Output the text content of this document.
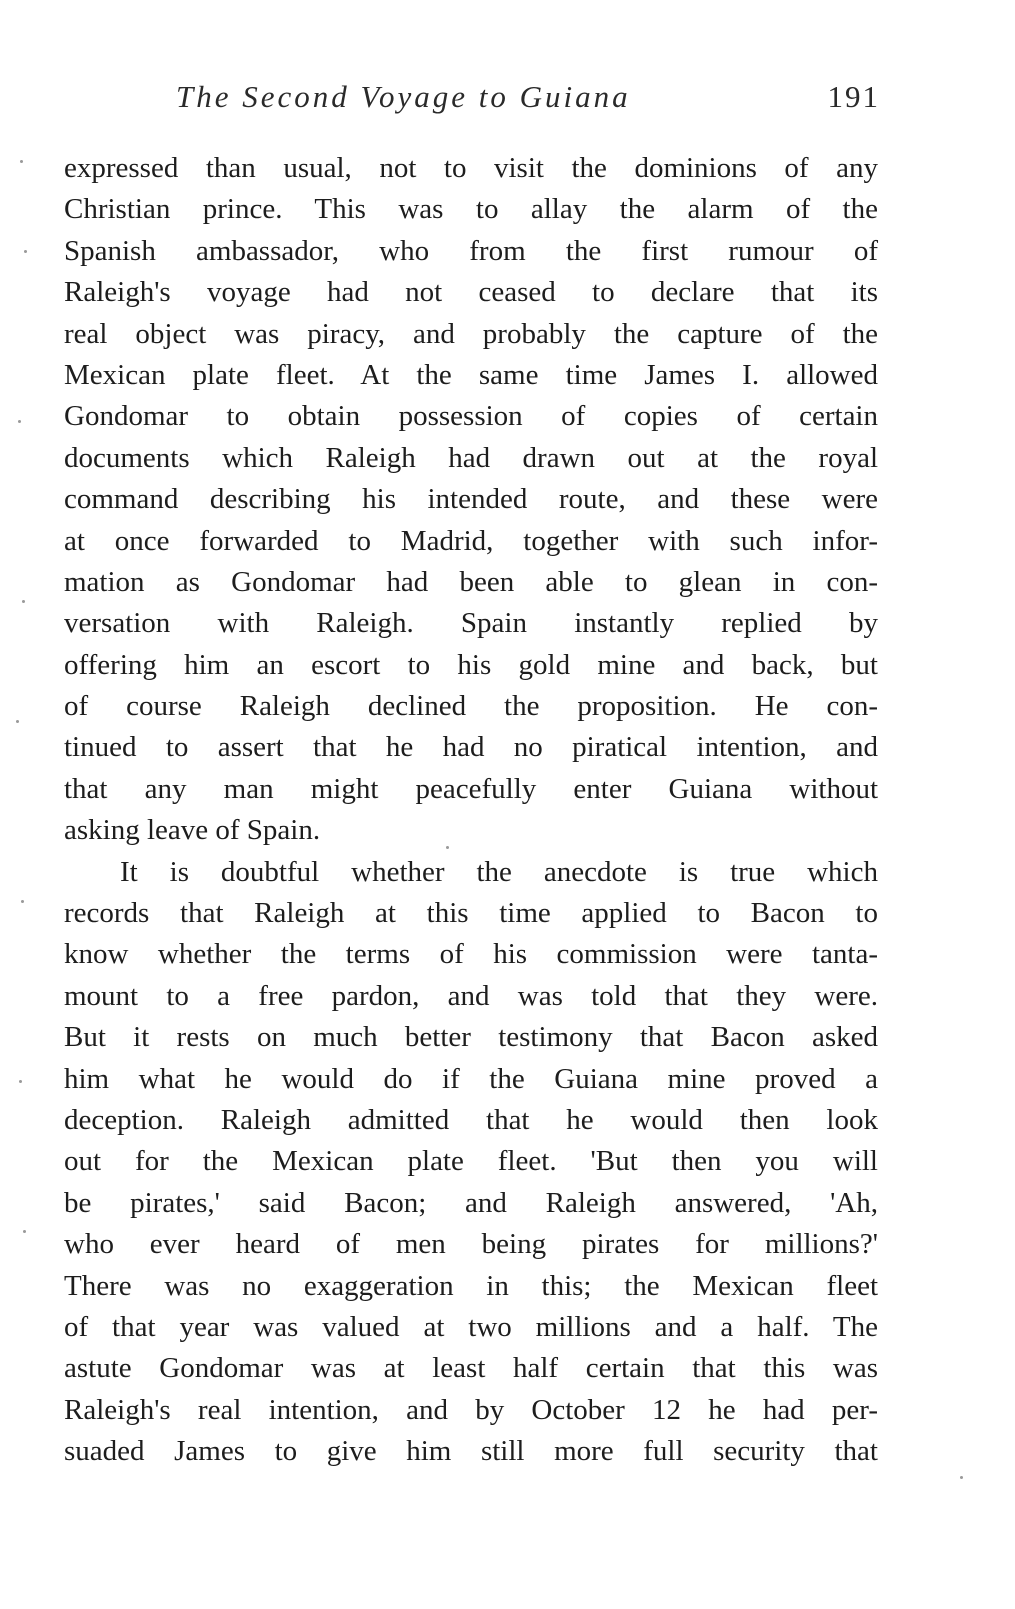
The Second Voyage to Guiana	191
expressed than usual, not to visit the dominions of any
Christian prince. This was to allay the alarm of the
Spanish ambassador, who from the first rumour of
Raleigh's voyage had not ceased to declare that its
real object was piracy, and probably the capture of the
Mexican plate fleet. At the same time James I. allowed
Gondomar to obtain possession of copies of certain
documents which Raleigh had drawn out at the royal
command describing his intended route, and these were
at once forwarded to Madrid, together with such infor-
mation as Gondomar had been able to glean in con-
versation with Raleigh. Spain instantly replied by
offering him an escort to his gold mine and back, but
of course Raleigh declined the proposition. He con-
tinued to assert that he had no piratical intention, and
that any man might peacefully enter Guiana without
asking leave of Spain.
It is doubtful whether the anecdote is true which
records that Raleigh at this time applied to Bacon to
know whether the terms of his commission were tanta-
mount to a free pardon, and was told that they were.
But it rests on much better testimony that Bacon asked
him what he would do if the Guiana mine proved a
deception. Raleigh admitted that he would then look
out for the Mexican plate fleet. 'But then you will
be pirates,' said Bacon; and Raleigh answered, 'Ah,
who ever heard of men being pirates for millions?'
There was no exaggeration in this; the Mexican fleet
of that year was valued at two millions and a half. The
astute Gondomar was at least half certain that this was
Raleigh's real intention, and by October 12 he had per-
suaded James to give him still more full security that
